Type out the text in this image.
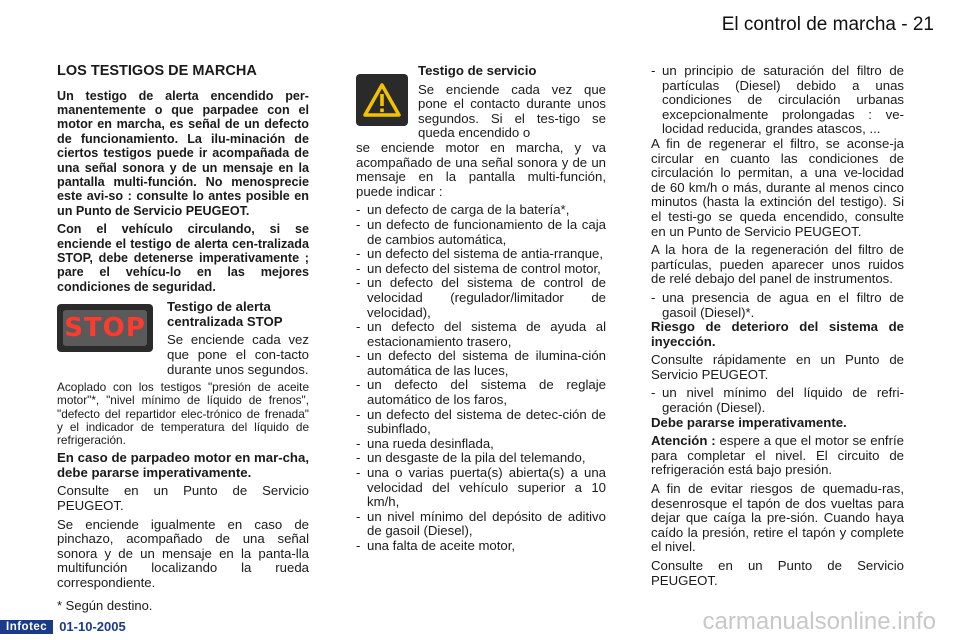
El control de marcha - 21
LOS TESTIGOS DE MARCHA

Un testigo de alerta encendido per-manentemente o que parpadee con el motor en marcha, es señal de un defecto de funcionamiento. La ilu-minación de ciertos testigos puede ir acompañada de una señal sonora y de un mensaje en la pantalla multi-función. No menosprecie este avi-so : consulte lo antes posible en un Punto de Servicio PEUGEOT.

Con el vehículo circulando, si se enciende el testigo de alerta cen-tralizada STOP, debe detenerse imperativamente ; pare el vehícu-lo en las mejores condiciones de seguridad.

STOP
Testigo de alerta centralizada STOP
Se enciende cada vez que pone el con-tacto durante unos segundos.

Acoplado con los testigos "presión de aceite motor"*, "nivel mínimo de líquido de frenos", "defecto del repartidor elec-trónico de frenada" y el indicador de temperatura del líquido de refrigeración.

En caso de parpadeo motor en mar-cha, debe pararse imperativamente.

Consulte en un Punto de Servicio PEUGEOT.

Se enciende igualmente en caso de pinchazo, acompañado de una señal sonora y de un mensaje en la panta-lla multifunción localizando la rueda correspondiente.

Testigo de servicio
Se enciende cada vez que pone el contacto durante unos segundos. Si el tes-tigo se queda encendido o

se enciende motor en marcha, y va acompañado de una señal sonora y de un mensaje en la pantalla multi-función, puede indicar :

- un defecto de carga de la batería*,
- un defecto de funcionamiento de la caja de cambios automática,
- un defecto del sistema de antia-rranque,
- un defecto del sistema de control motor,
- un defecto del sistema de control de velocidad (regulador/limitador de velocidad),
- un defecto del sistema de ayuda al estacionamiento trasero,
- un defecto del sistema de ilumina-ción automática de las luces,
- un defecto del sistema de reglaje automático de los faros,
- un defecto del sistema de detec-ción de subinflado,
- una rueda desinflada,
- un desgaste de la pila del telemando,
- una o varias puerta(s) abierta(s) a una velocidad del vehículo superior a 10 km/h,
- un nivel mínimo del depósito de aditivo de gasoil (Diesel),
- una falta de aceite motor,
- un principio de saturación del filtro de partículas (Diesel) debido a unas condiciones de circulación urbanas excepcionalmente prolongadas : ve-locidad reducida, grandes atascos, ...

A fin de regenerar el filtro, se aconse-ja circular en cuanto las condiciones de circulación lo permitan, a una ve-locidad de 60 km/h o más, durante al menos cinco minutos (hasta la extinción del testigo). Si el testi-go se queda encendido, consulte en un Punto de Servicio PEUGEOT.

A la hora de la regeneración del filtro de partículas, pueden aparecer unos ruidos de relé debajo del panel de instrumentos.

- una presencia de agua en el filtro de gasoil (Diesel)*.

Riesgo de deterioro del sistema de inyección.

Consulte rápidamente en un Punto de Servicio PEUGEOT.

- un nivel mínimo del líquido de refri-geración (Diesel).

Debe pararse imperativamente.

Atención : espere a que el motor se enfríe para completar el nivel. El circuito de refrigeración está bajo presión.

A fin de evitar riesgos de quemadu-ras, desenrosque el tapón de dos vueltas para dejar que caíga la pre-sión. Cuando haya caído la presión, retire el tapón y complete el nivel.

Consulte en un Punto de Servicio PEUGEOT.

* Según destino.
Infotec 01-10-2005	carmanualsonline.info
